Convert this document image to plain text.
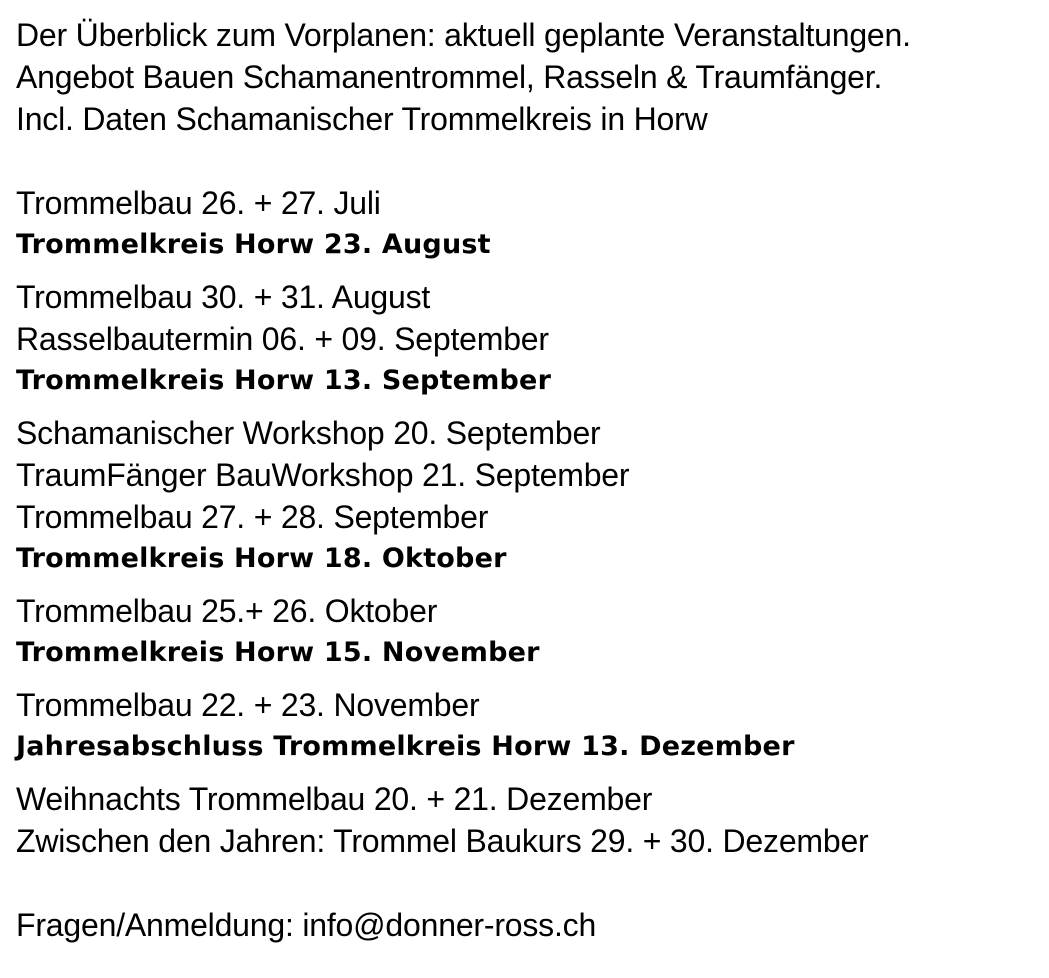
Der Überblick zum Vorplanen: aktuell geplante Veranstaltungen.
Angebot Bauen Schamanentrommel, Rasseln & Traumfänger.
Incl. Daten Schamanischer Trommelkreis in Horw
Trommelbau 26. + 27. Juli
Trommelkreis Horw 23. August
Trommelbau 30. + 31. August
Rasselbautermin 06. + 09. September
Trommelkreis Horw 13. September
Schamanischer Workshop 20. September
TraumFänger BauWorkshop 21. September
Trommelbau 27. + 28. September
Trommelkreis Horw 18. Oktober
Trommelbau 25.+ 26. Oktober
Trommelkreis Horw 15. November
Trommelbau 22. + 23. November
Jahresabschluss Trommelkreis Horw 13. Dezember
Weihnachts Trommelbau 20. + 21. Dezember
Zwischen den Jahren: Trommel Baukurs 29. + 30. Dezember
Fragen/Anmeldung: info@donner-ross.ch
